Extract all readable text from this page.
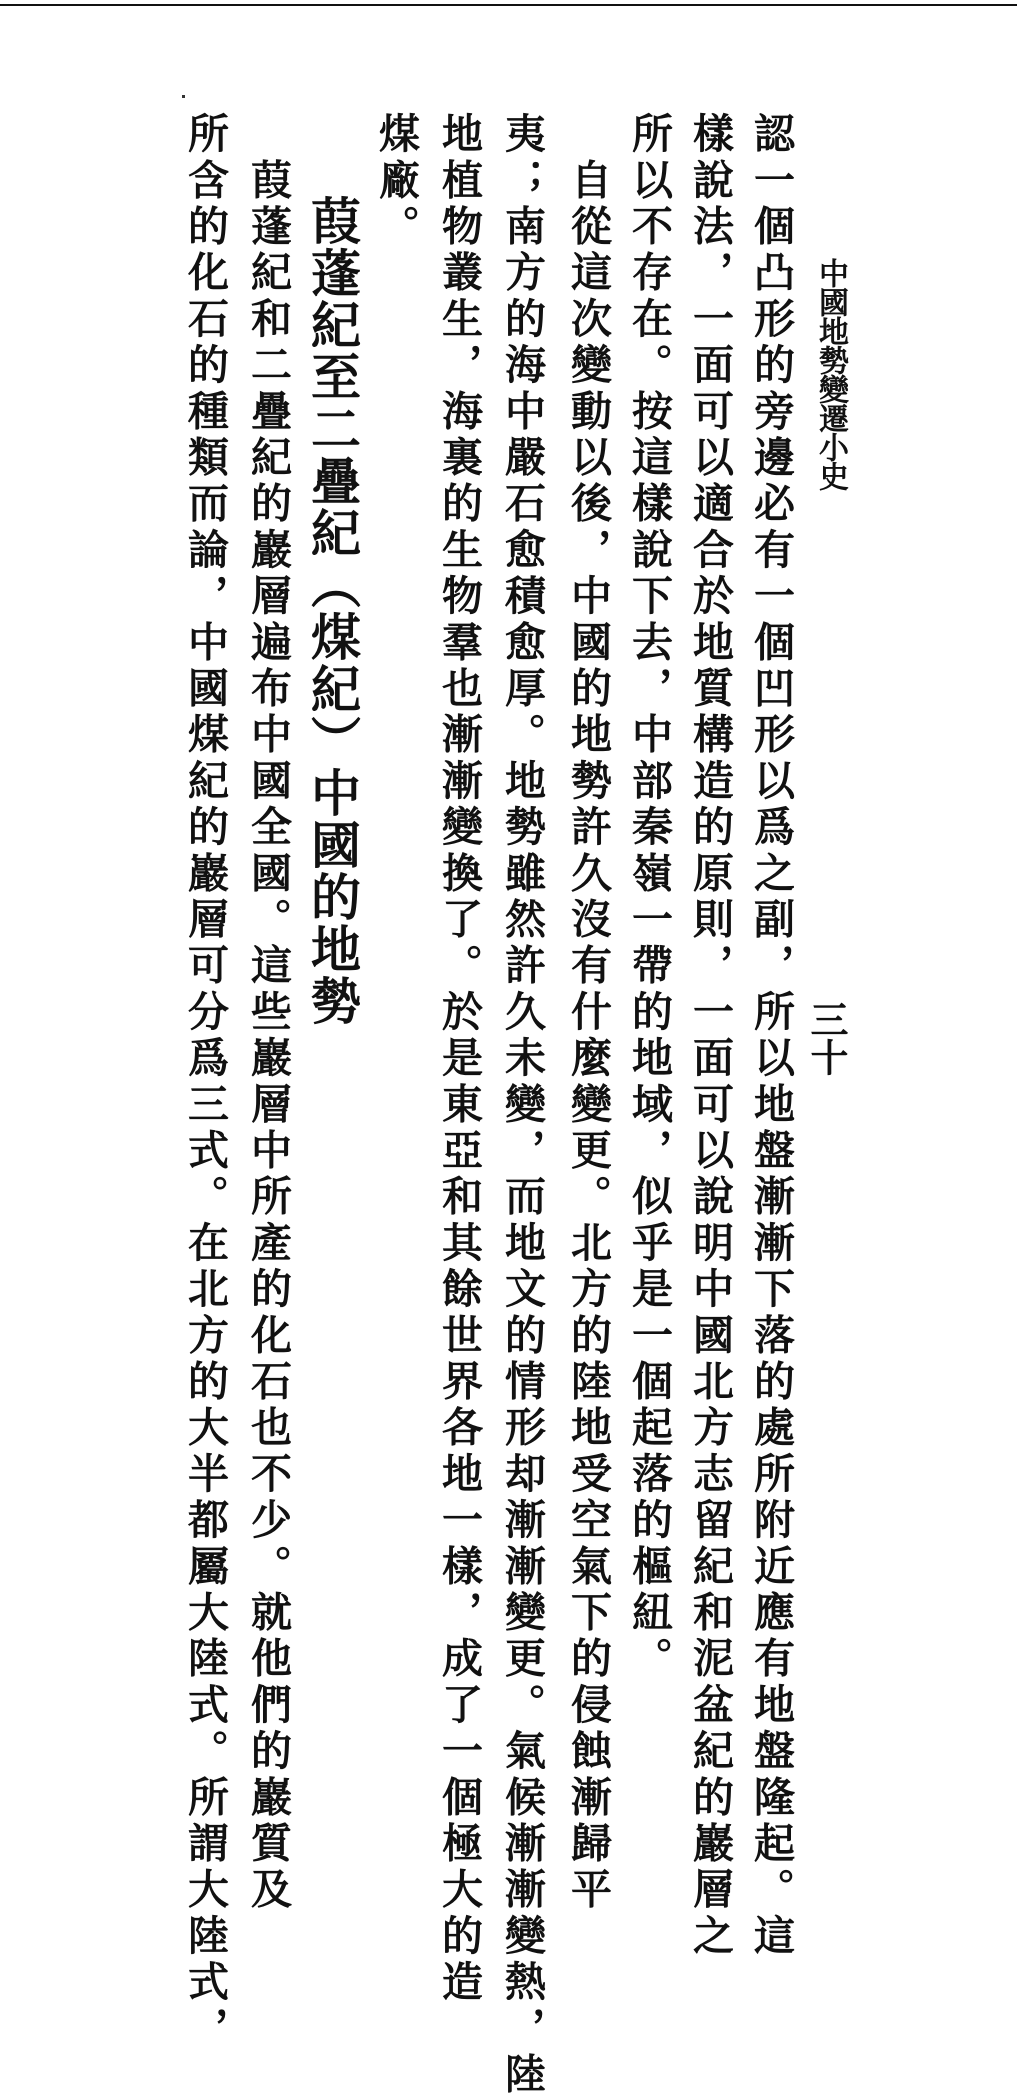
中國地勢變遷小史
三十
認一個凸形的旁邊必有一個凹形以爲之副，所以地盤漸漸下落的處所附近應有地盤隆起。這
樣說法，一面可以適合於地質構造的原則，一面可以說明中國北方志留紀和泥盆紀的巖層之
所以不存在。按這樣說下去，中部秦嶺一帶的地域，似乎是一個起落的樞紐。
　自從這次變動以後，中國的地勢許久沒有什麼變更。北方的陸地受空氣下的侵蝕漸歸平
夷；南方的海中嚴石愈積愈厚。地勢雖然許久未變，而地文的情形却漸漸變更。氣候漸漸變熱，陸
地植物叢生，海裏的生物羣也漸漸變換了。於是東亞和其餘世界各地一樣，成了一個極大的造
煤廠。
葭蓬紀至二疊紀（煤紀）中國的地勢
　葭蓬紀和二疊紀的巖層遍布中國全國。這些巖層中所產的化石也不少。就他們的巖質及
所含的化石的種類而論，中國煤紀的巖層可分爲三式。在北方的大半都屬大陸式。所謂大陸式，
